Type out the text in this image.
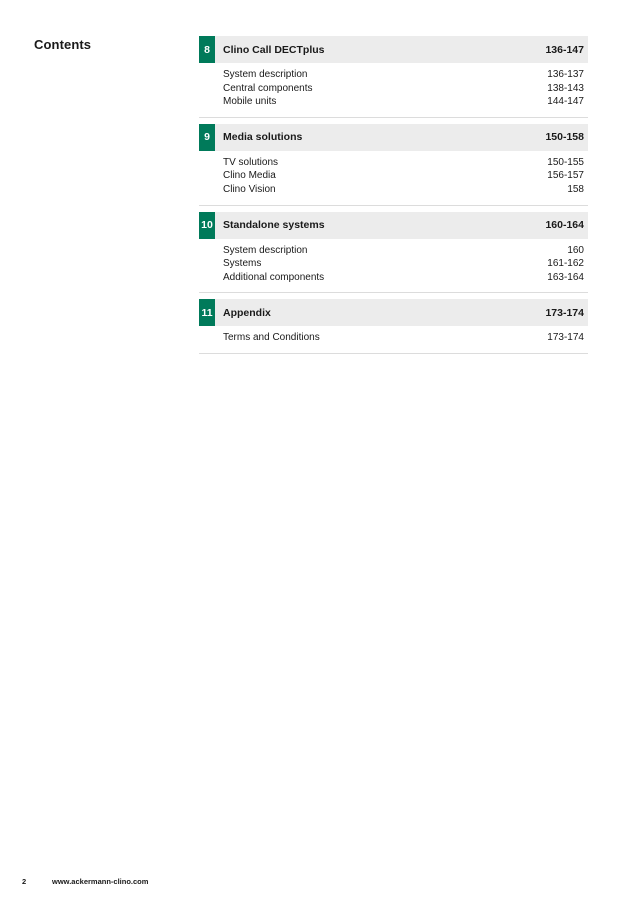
Contents	8	Clino Call DECTplus	136-147
System description	136-137
Central components	138-143
Mobile units	144-147
9	Media solutions	150-158
TV solutions	150-155
Clino Media	156-157
Clino Vision	158
10 Standalone systems	160-164
System description	160
Systems	161-162
Additional components	163-164
11 Appendix	173-174
Terms and Conditions	173-174
2	www.ackermann-clino.com
